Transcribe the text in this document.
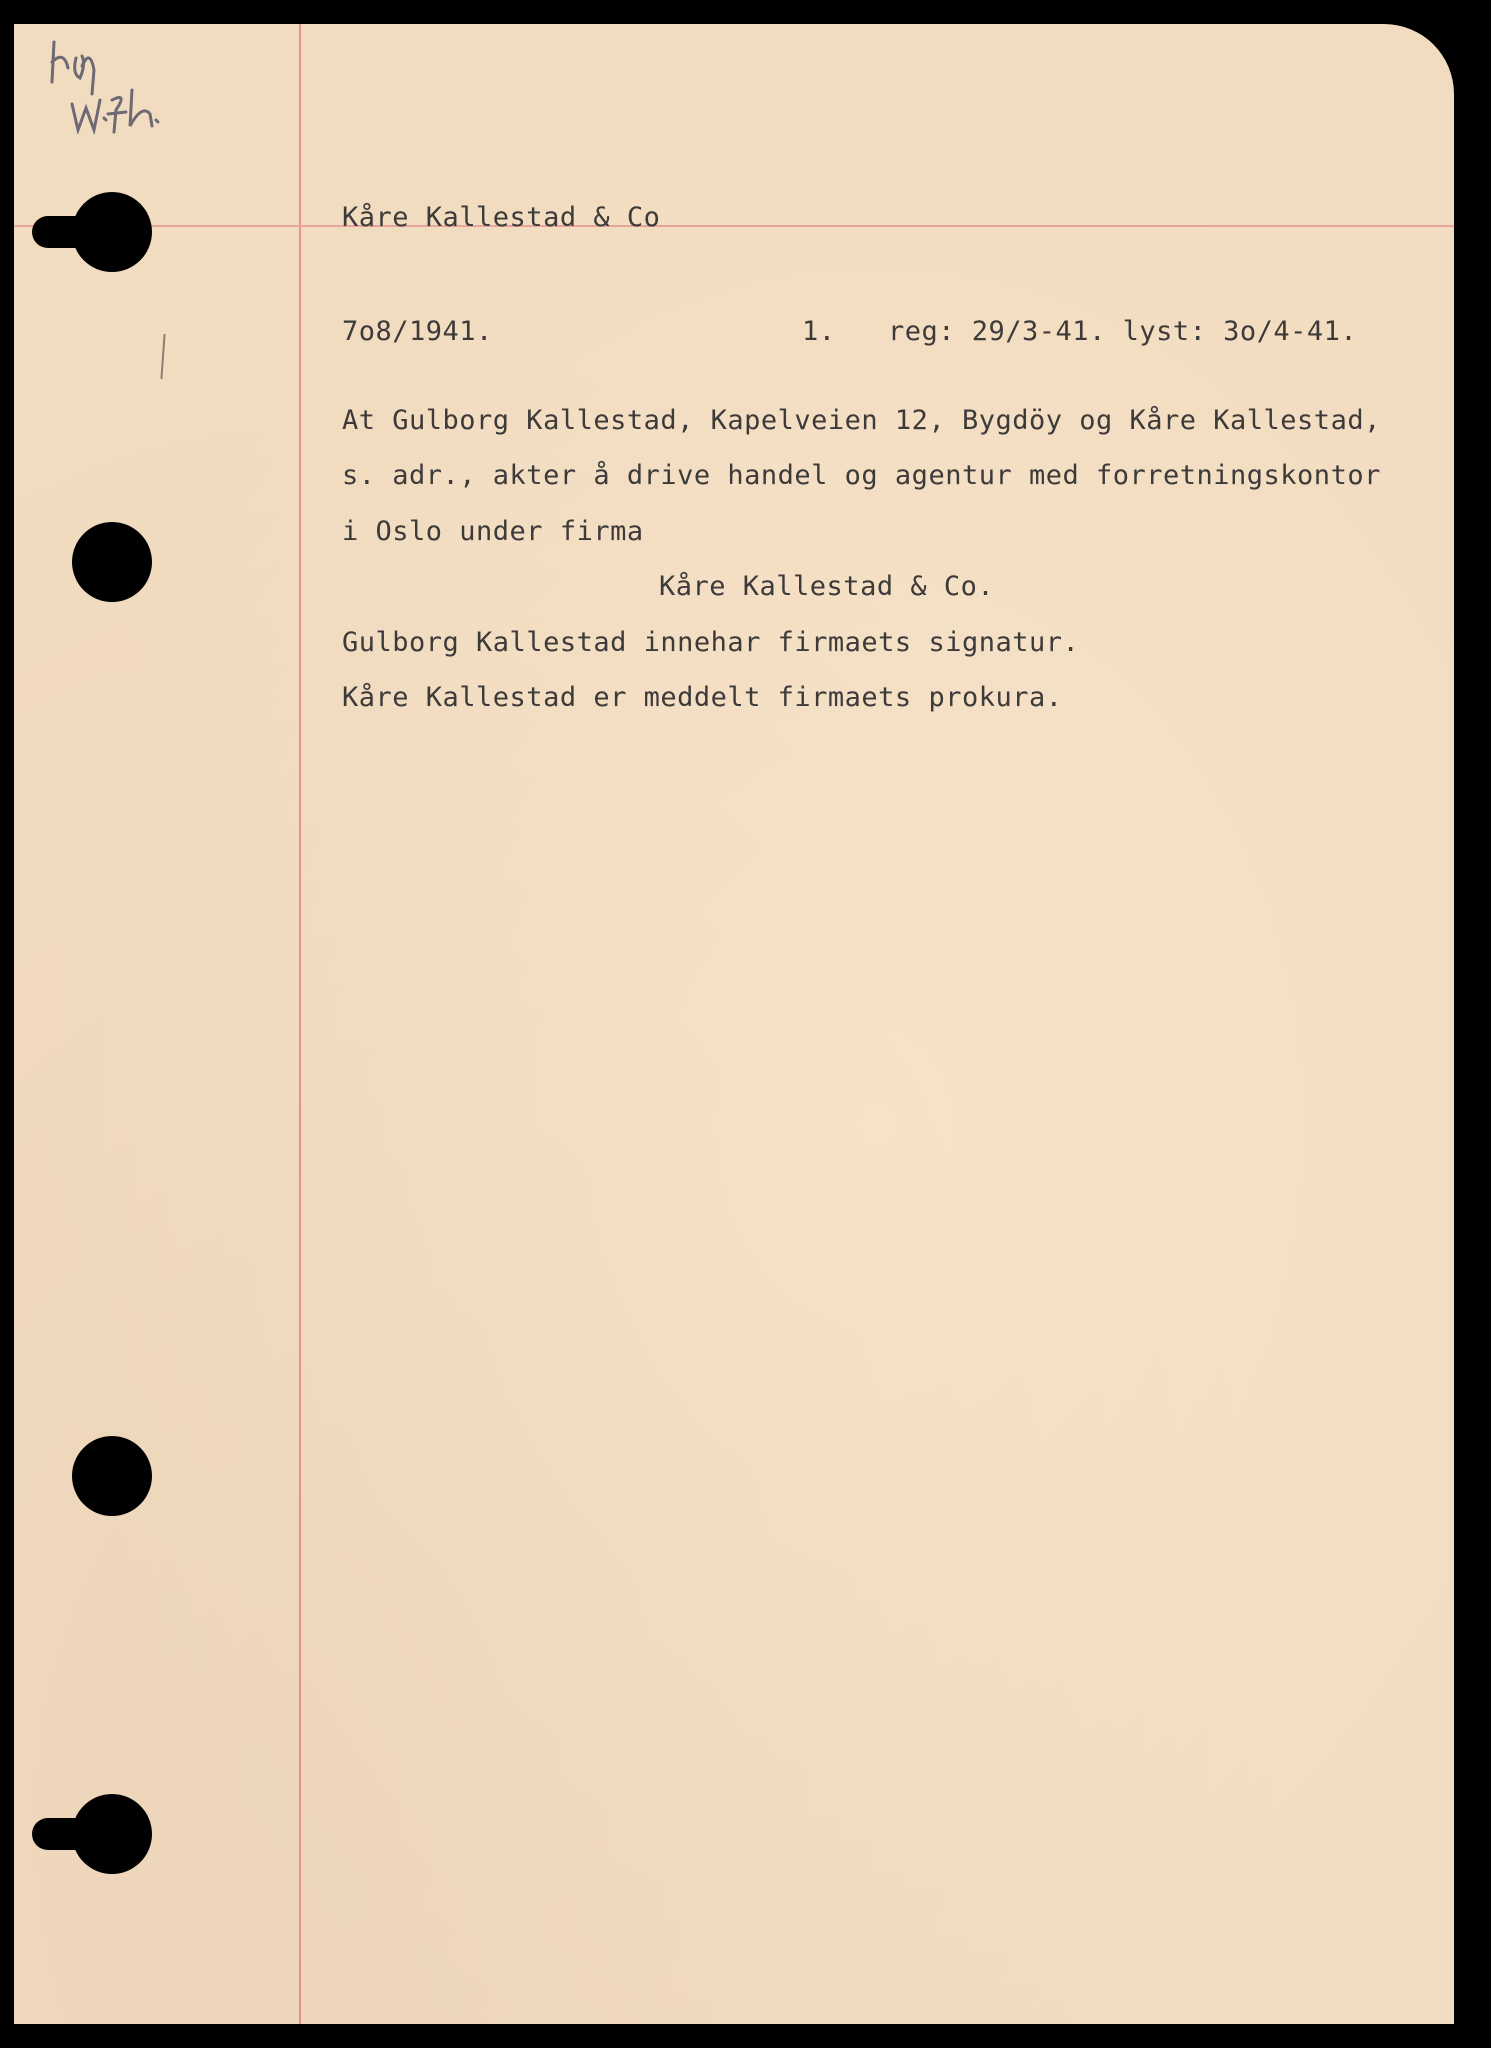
Kåre Kallestad & Co
7o8/1941.	1. reg: 29/3-41. lyst: 3o/4-41.
At Gulborg Kallestad, Kapelveien 12, Bygdöy og Kåre Kallestad,
s. adr., akter å drive handel og agentur med forretningskontor
i Oslo under firma
Kåre Kallestad & Co.
Gulborg Kallestad innehar firmaets signatur.
Kåre Kallestad er meddelt firmaets prokura.
